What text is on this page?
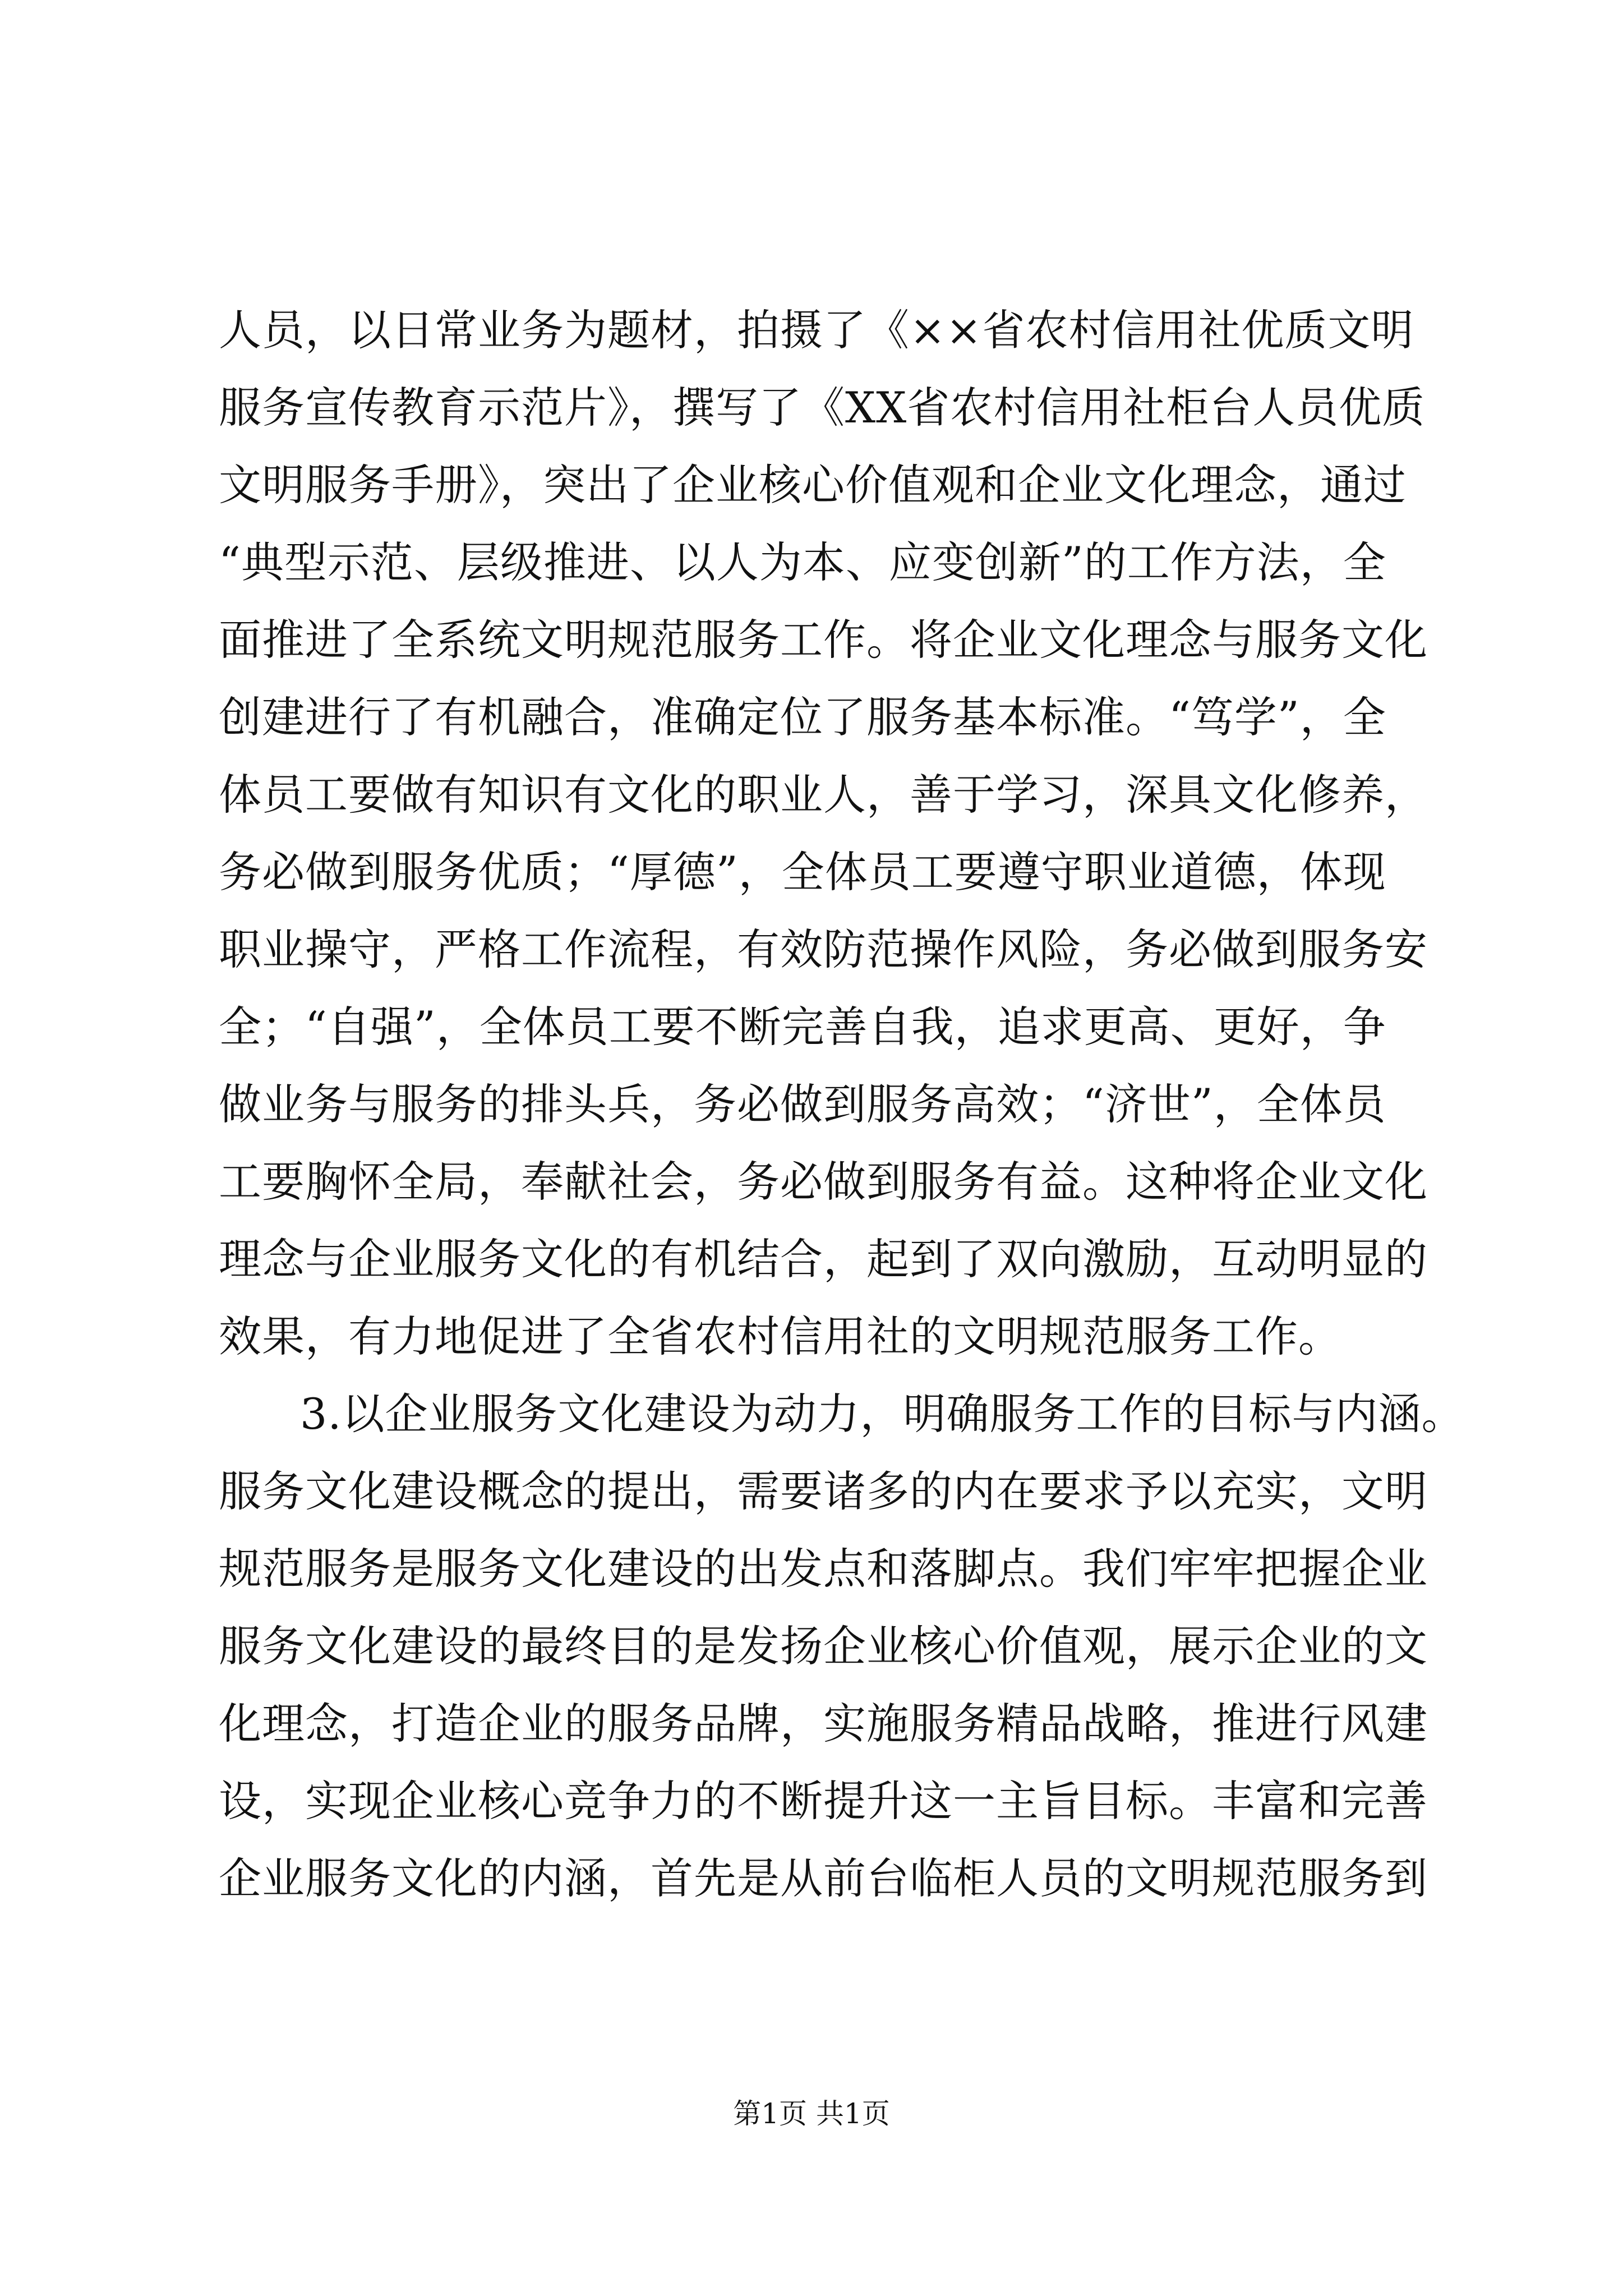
人员，以日常业务为题材，拍摄了《××省农村信用社优质文明
服务宣传教育示范片》，撰写了《XX省农村信用社柜台人员优质
文明服务手册》，突出了企业核心价值观和企业文化理念，通过
“典型示范、层级推进、以人为本、应变创新”的工作方法，全
面推进了全系统文明规范服务工作。将企业文化理念与服务文化
创建进行了有机融合，准确定位了服务基本标准。“笃学”，全
体员工要做有知识有文化的职业人，善于学习，深具文化修养，
务必做到服务优质；“厚德”，全体员工要遵守职业道德，体现
职业操守，严格工作流程，有效防范操作风险，务必做到服务安
全；“自强”，全体员工要不断完善自我，追求更高、更好，争
做业务与服务的排头兵，务必做到服务高效；“济世”，全体员
工要胸怀全局，奉献社会，务必做到服务有益。这种将企业文化
理念与企业服务文化的有机结合，起到了双向激励，互动明显的
效果，有力地促进了全省农村信用社的文明规范服务工作。
3.以企业服务文化建设为动力，明确服务工作的目标与内涵。
服务文化建设概念的提出，需要诸多的内在要求予以充实，文明
规范服务是服务文化建设的出发点和落脚点。我们牢牢把握企业
服务文化建设的最终目的是发扬企业核心价值观，展示企业的文
化理念，打造企业的服务品牌，实施服务精品战略，推进行风建
设，实现企业核心竞争力的不断提升这一主旨目标。丰富和完善
企业服务文化的内涵，首先是从前台临柜人员的文明规范服务到
第1页 共1页
